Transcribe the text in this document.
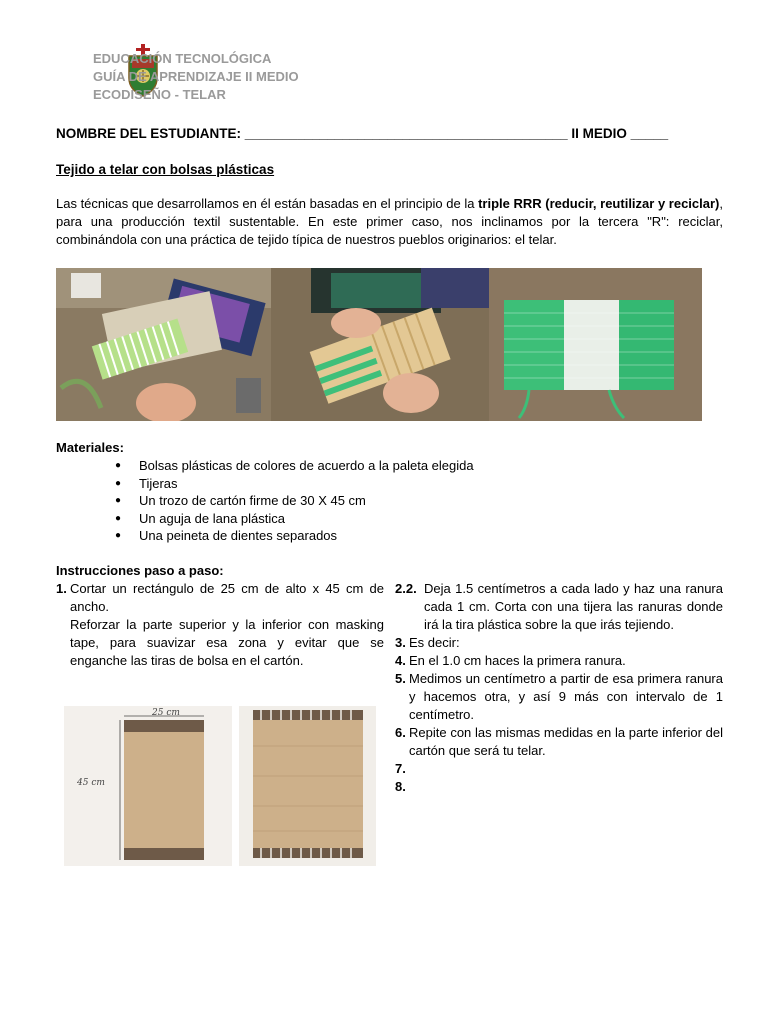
EDUCACIÓN TECNOLÓGICA
GUÍA DE APRENDIZAJE II MEDIO
ECODISEÑO - TELAR
NOMBRE DEL ESTUDIANTE: ___________________________________________ II MEDIO _____
Tejido a telar con bolsas plásticas
Las técnicas que desarrollamos en él están basadas en el principio de la triple RRR (reducir, reutilizar y reciclar), para una producción textil sustentable. En este primer caso, nos inclinamos por la tercera "R": reciclar, combinándola con una práctica de tejido típica de nuestros pueblos originarios: el telar.
Materiales:
● Bolsas plásticas de colores de acuerdo a la paleta elegida
● Tijeras
● Un trozo de cartón firme de 30 X 45 cm
● Un aguja de lana plástica
● Una peineta de dientes separados
Instrucciones paso a paso:
1. Cortar un rectángulo de 25 cm de alto x 45 cm de ancho.

Reforzar la parte superior y la inferior con masking tape, para suavizar esa zona y evitar que se enganche las tiras de bolsa en el cartón.

2.2. Deja 1.5 centímetros a cada lado y haz una ranura cada 1 cm. Corta con una tijera las ranuras donde irá la tira plástica sobre la que irás tejiendo.

3. Es decir:

4. En el 1.0 cm haces la primera ranura.

5. Medimos un centímetro a partir de esa primera ranura y hacemos otra, y así 9 más con intervalo de 1 centímetro.

6. Repite con las mismas medidas en la parte inferior del cartón que será tu telar.

7.

8.

25 cm
45 cm
